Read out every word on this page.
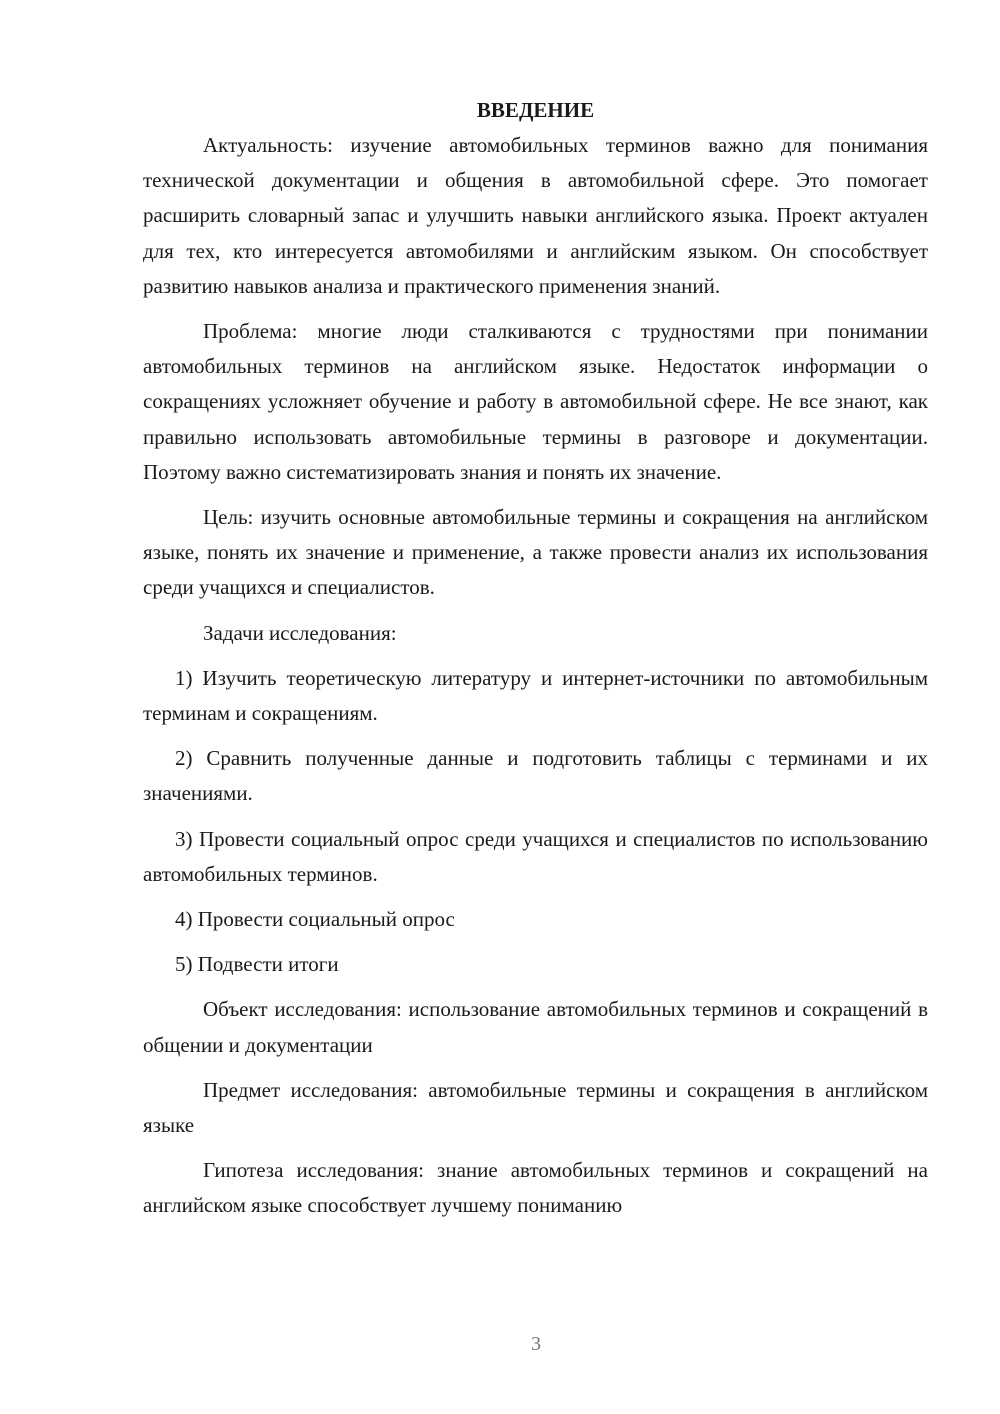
ВВЕДЕНИЕ

Актуальность: изучение автомобильных терминов важно для понимания технической документации и общения в автомобильной сфере. Это помогает расширить словарный запас и улучшить навыки английского языка. Проект актуален для тех, кто интересуется автомобилями и английским языком. Он способствует развитию навыков анализа и практического применения знаний.

Проблема: многие люди сталкиваются с трудностями при понимании автомобильных терминов на английском языке. Недостаток информации о сокращениях усложняет обучение и работу в автомобильной сфере. Не все знают, как правильно использовать автомобильные термины в разговоре и документации. Поэтому важно систематизировать знания и понять их значение.

Цель: изучить основные автомобильные термины и сокращения на английском языке, понять их значение и применение, а также провести анализ их использования среди учащихся и специалистов.

Задачи исследования:

1) Изучить теоретическую литературу и интернет-источники по автомобильным терминам и сокращениям.

2) Сравнить полученные данные и подготовить таблицы с терминами и их значениями.

3) Провести социальный опрос среди учащихся и специалистов по использованию автомобильных терминов.

4) Провести социальный опрос

5) Подвести итоги

Объект исследования: использование автомобильных терминов и сокращений в общении и документации

Предмет исследования: автомобильные термины и сокращения в английском языке

Гипотеза исследования: знание автомобильных терминов и сокращений на английском языке способствует лучшему пониманию

3
